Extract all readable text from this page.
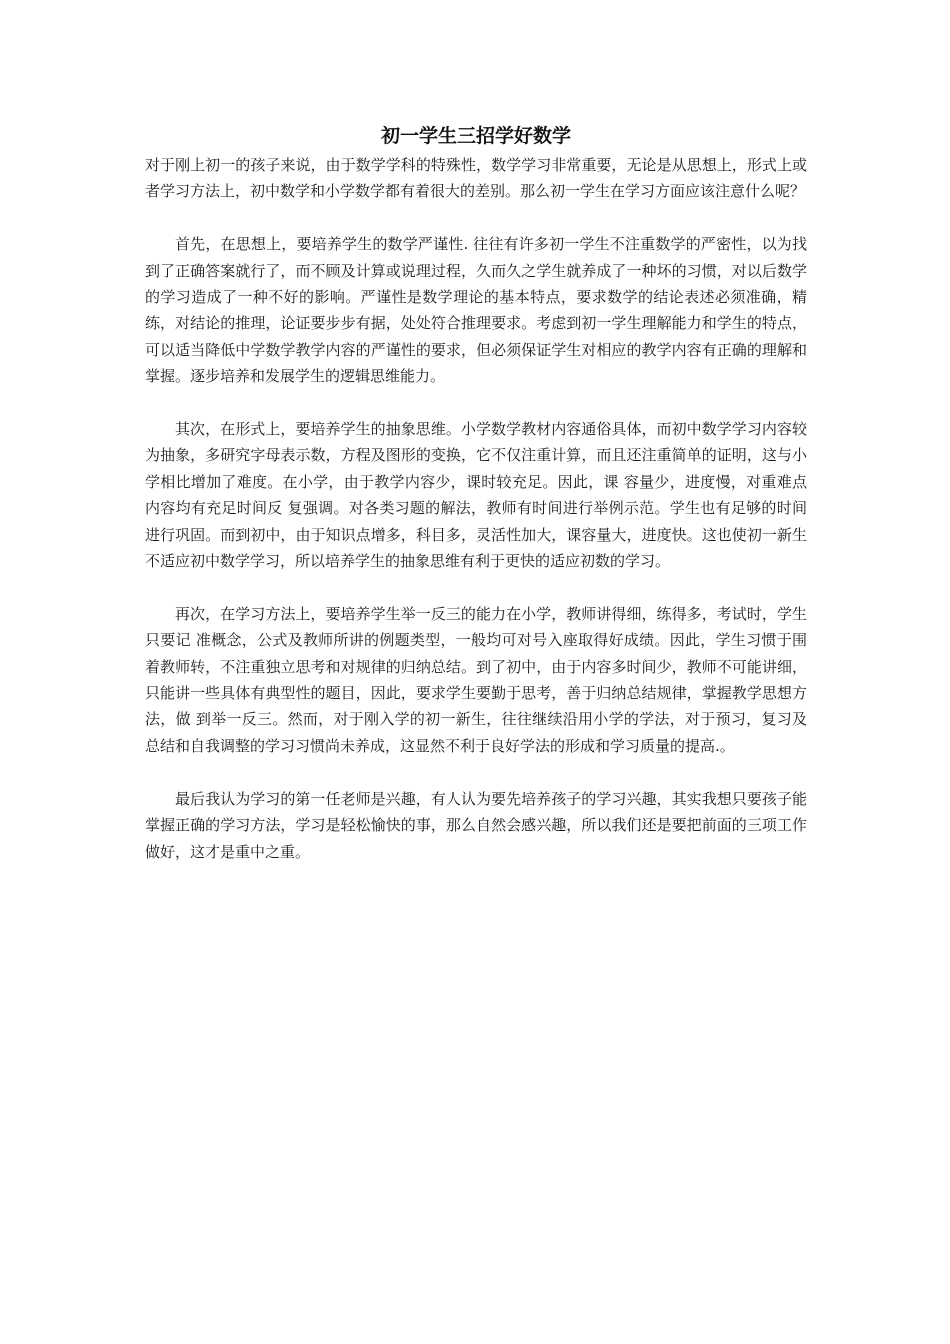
初一学生三招学好数学

对于刚上初一的孩子来说，由于数学学科的特殊性，数学学习非常重要，无论是从思想上，形式上或者学习方法上，初中数学和小学数学都有着很大的差别。那么初一学生在学习方面应该注意什么呢？

首先，在思想上，要培养学生的数学严谨性. 往往有许多初一学生不注重数学的严密性，以为找到了正确答案就行了，而不顾及计算或说理过程，久而久之学生就养成了一种坏的习惯，对以后数学的学习造成了一种不好的影响。严谨性是数学理论的基本特点，要求数学的结论表述必须准确，精练，对结论的推理，论证要步步有据，处处符合推理要求。考虑到初一学生理解能力和学生的特点，可以适当降低中学数学教学内容的严谨性的要求，但必须保证学生对相应的教学内容有正确的理解和掌握。逐步培养和发展学生的逻辑思维能力。

其次，在形式上，要培养学生的抽象思维。小学数学教材内容通俗具体，而初中数学学习内容较为抽象，多研究字母表示数，方程及图形的变换，它不仅注重计算，而且还注重简单的证明，这与小学相比增加了难度。在小学，由于教学内容少，课时较充足。因此，课 容量少，进度慢，对重难点内容均有充足时间反 复强调。对各类习题的解法，教师有时间进行举例示范。学生也有足够的时间进行巩固。而到初中，由于知识点增多，科目多，灵活性加大，课容量大，进度快。这也使初一新生不适应初中数学学习，所以培养学生的抽象思维有利于更快的适应初数的学习。

再次，在学习方法上，要培养学生举一反三的能力在小学，教师讲得细，练得多，考试时，学生只要记 准概念，公式及教师所讲的例题类型，一般均可对号入座取得好成绩。因此，学生习惯于围着教师转，不注重独立思考和对规律的归纳总结。到了初中，由于内容多时间少，教师不可能讲细，只能讲一些具体有典型性的题目，因此，要求学生要勤于思考，善于归纳总结规律，掌握教学思想方法，做 到举一反三。然而，对于刚入学的初一新生，往往继续沿用小学的学法，对于预习，复习及总结和自我调整的学习习惯尚未养成，这显然不利于良好学法的形成和学习质量的提高.。

最后我认为学习的第一任老师是兴趣，有人认为要先培养孩子的学习兴趣，其实我想只要孩子能掌握正确的学习方法，学习是轻松愉快的事，那么自然会感兴趣，所以我们还是要把前面的三项工作做好，这才是重中之重。
